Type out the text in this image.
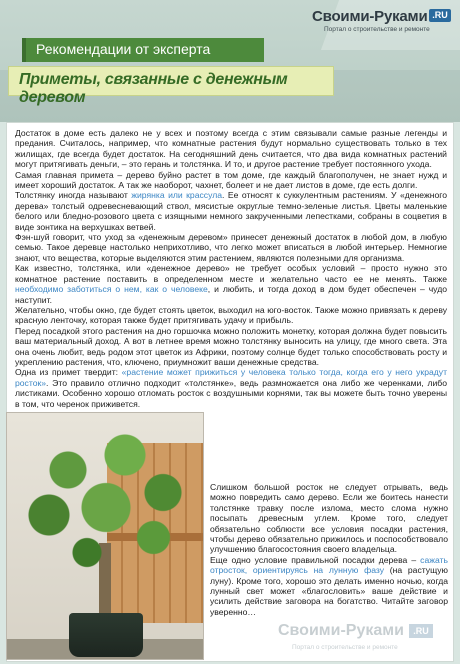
Своими-Руками .RU
Портал о строительстве и ремонте
Рекомендации от эксперта
Приметы, связанные с денежным деревом

Достаток в доме есть далеко не у всех и поэтому всегда с этим связывали самые разные легенды и предания. Считалось, например, что комнатные растения будут нормально существовать только в тех жилищах, где всегда будет достаток. На сегодняшний день считается, что два вида комнатных растений могут притягивать деньги, – это герань и толстянка. И то, и другое растение требует постоянного ухода.

Самая главная примета – дерево буйно растет в том доме, где каждый благополучен, не знает нужд и имеет хороший достаток. А так же наоборот, чахнет, болеет и не дает листов в доме, где есть долги.

Толстянку иногда называют жирянка или крассула. Ее относят к суккулентным растениям. У «денежного дерева» толстый одревесневающий ствол, мясистые округлые темно-зеленые листья. Цветы маленькие белого или бледно-розового цвета с изящными немного закрученными лепестками, собраны в соцветия в виде зонтика на верхушках ветвей.

Фэн-шуй говорит, что уход за «денежным деревом» принесет денежный достаток в любой дом, в любую семью. Такое деревце настолько неприхотливо, что легко может вписаться в любой интерьер. Немногие знают, что вещества, которые выделяются этим растением, являются полезными для организма.

Как известно, толстянка, или «денежное дерево» не требует особых условий – просто нужно это комнатное растение поставить в определенном месте и желательно часто ее не менять. Также необходимо заботиться о нем, как о человеке, и любить, и тогда доход в дом будет обеспечен – чудо наступит.

Желательно, чтобы окно, где будет стоять цветок, выходил на юго-восток. Также можно привязать к дереву красную ленточку, которая также будет притягивать удачу и прибыль.

Перед посадкой этого растения на дно горшочка можно положить монетку, которая должна будет повысить ваш материальный доход. А вот в летнее время можно толстянку выносить на улицу, где много света. Эта она очень любит, ведь родом этот цветок из Африки, поэтому солнце будет только способствовать росту и укреплению растения, что, ключено, приумножит ваши денежные средства.

Одна из примет твердит: «растение может прижиться у человека только тогда, когда его у него украдут росток». Это правило отлично подходит «толстянке», ведь размножается она либо же черенками, либо листиками. Особенно хорошо отломать росток с воздушными корнями, так вы можете быть точно уверены в том, что черенок приживется.

Слишком большой росток не следует отрывать, ведь можно повредить само дерево. Если же боитесь нанести толстянке травку после излома, место слома нужно посыпать древесным углем. Кроме того, следует обязательно соблюсти все условия посадки растения, чтобы дерево обязательно прижилось и поспособствовало улучшению благосостояния своего владельца.

Еще одно условие правильной посадки дерева – сажать отросток, ориентируясь на лунную фазу (на растущую луну). Кроме того, хорошо это делать именно ночью, когда лунный свет может «благословить» ваше действие и усилить действие заговора на богатство. Читайте заговор уверенно…

Своими-Руками	.RU
Портал о строительстве и ремонте
